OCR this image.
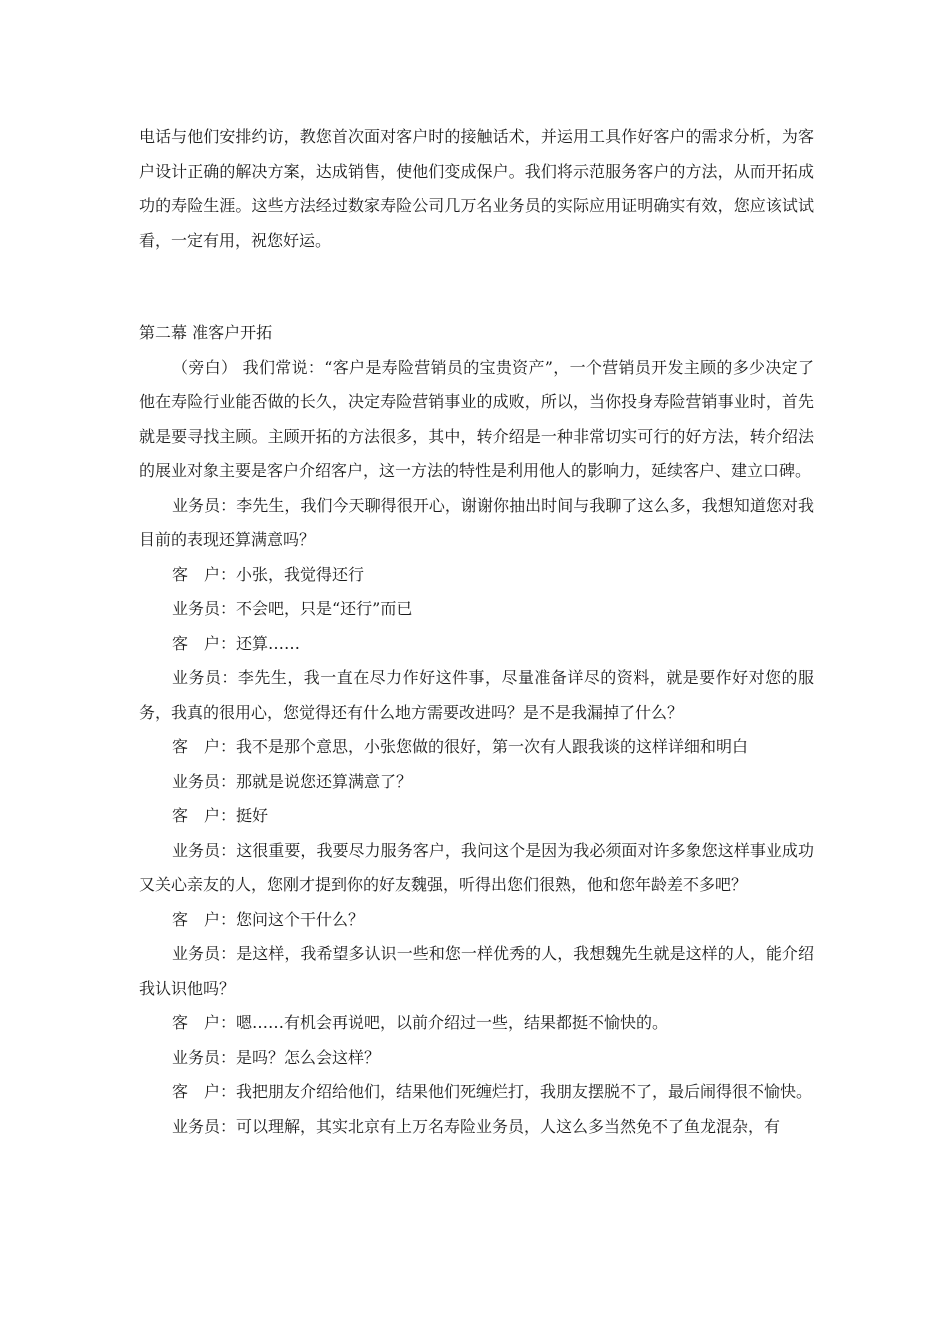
电话与他们安排约访，教您首次面对客户时的接触话术，并运用工具作好客户的需求分析，为客户设计正确的解决方案，达成销售，使他们变成保户。我们将示范服务客户的方法，从而开拓成功的寿险生涯。这些方法经过数家寿险公司几万名业务员的实际应用证明确实有效，您应该试试看，一定有用，祝您好运。

第二幕 准客户开拓

（旁白） 我们常说：“客户是寿险营销员的宝贵资产”，一个营销员开发主顾的多少决定了他在寿险行业能否做的长久，决定寿险营销事业的成败，所以，当你投身寿险营销事业时，首先就是要寻找主顾。主顾开拓的方法很多，其中，转介绍是一种非常切实可行的好方法，转介绍法的展业对象主要是客户介绍客户，这一方法的特性是利用他人的影响力，延续客户、建立口碑。

业务员：李先生，我们今天聊得很开心，谢谢你抽出时间与我聊了这么多，我想知道您对我目前的表现还算满意吗？

客　户：小张，我觉得还行

业务员：不会吧，只是“还行”而已

客　户：还算……

业务员：李先生，我一直在尽力作好这件事，尽量准备详尽的资料，就是要作好对您的服务，我真的很用心，您觉得还有什么地方需要改进吗？是不是我漏掉了什么？

客　户：我不是那个意思，小张您做的很好，第一次有人跟我谈的这样详细和明白

业务员：那就是说您还算满意了？

客　户：挺好

业务员：这很重要，我要尽力服务客户，我问这个是因为我必须面对许多象您这样事业成功又关心亲友的人，您刚才提到你的好友魏强，听得出您们很熟，他和您年龄差不多吧？

客　户：您问这个干什么？

业务员：是这样，我希望多认识一些和您一样优秀的人，我想魏先生就是这样的人，能介绍我认识他吗？

客　户：嗯……有机会再说吧，以前介绍过一些，结果都挺不愉快的。

业务员：是吗？怎么会这样？

客　户：我把朋友介绍给他们，结果他们死缠烂打，我朋友摆脱不了，最后闹得很不愉快。

业务员：可以理解，其实北京有上万名寿险业务员，人这么多当然免不了鱼龙混杂，有
